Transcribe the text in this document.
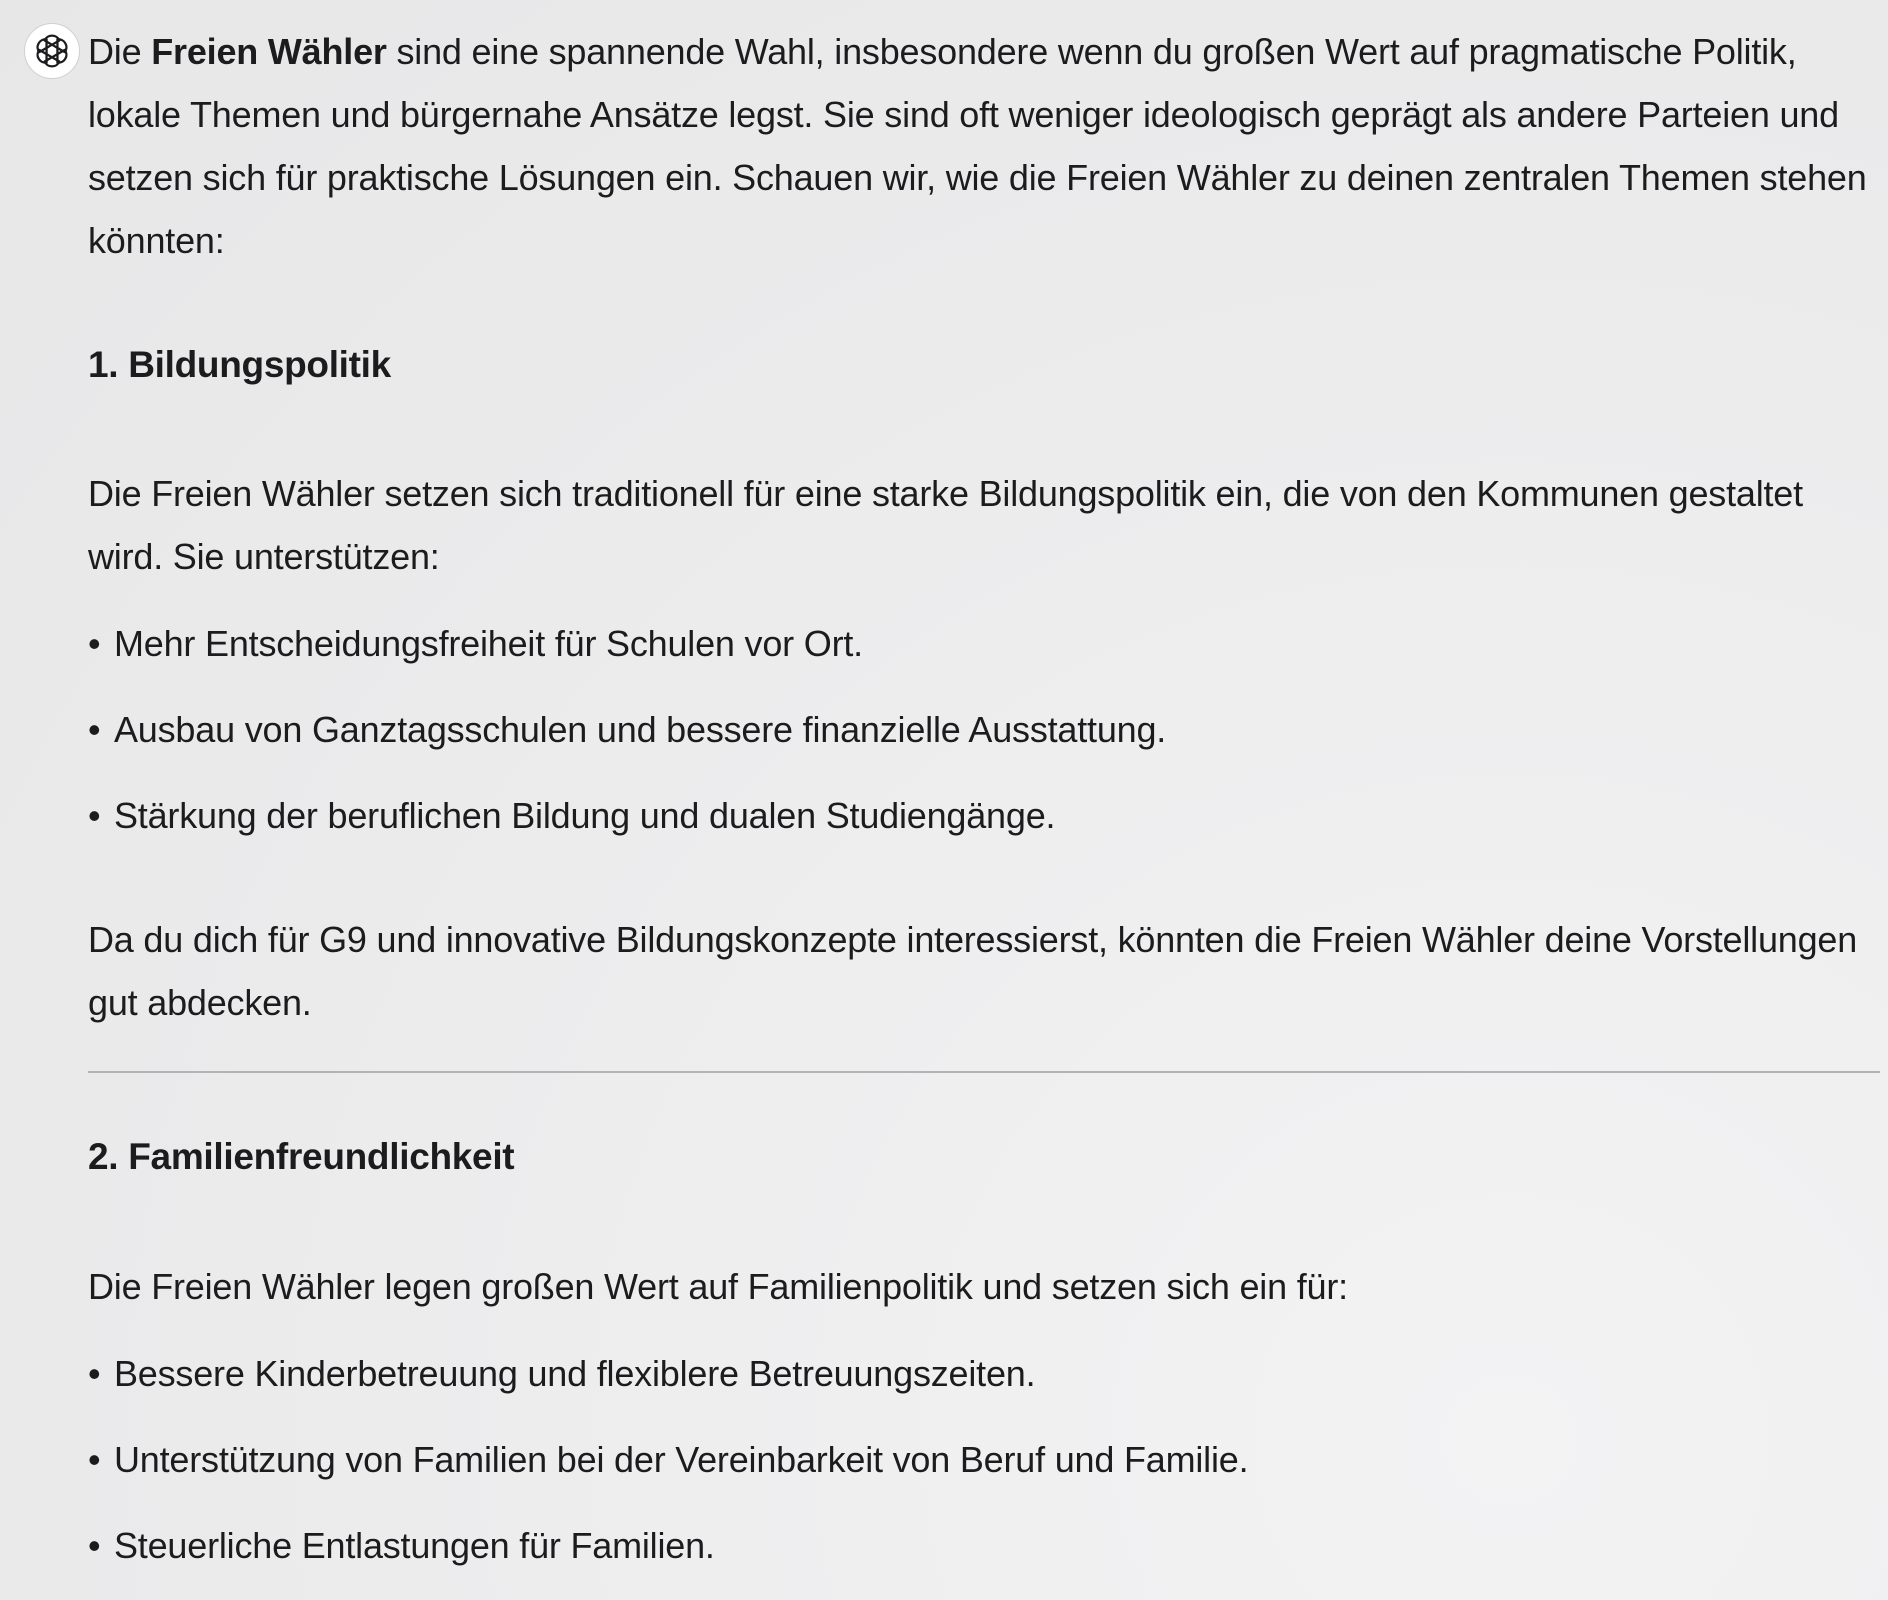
Die Freien Wähler sind eine spannende Wahl, insbesondere wenn du großen Wert auf pragmatische Politik, lokale Themen und bürgernahe Ansätze legst. Sie sind oft weniger ideologisch geprägt als andere Parteien und setzen sich für praktische Lösungen ein. Schauen wir, wie die Freien Wähler zu deinen zentralen Themen stehen könnten:

1. Bildungspolitik

Die Freien Wähler setzen sich traditionell für eine starke Bildungspolitik ein, die von den Kommunen gestaltet wird. Sie unterstützen:

• Mehr Entscheidungsfreiheit für Schulen vor Ort.

• Ausbau von Ganztagsschulen und bessere finanzielle Ausstattung.

• Stärkung der beruflichen Bildung und dualen Studiengänge.

Da du dich für G9 und innovative Bildungskonzepte interessierst, könnten die Freien Wähler deine Vorstellungen gut abdecken.

2. Familienfreundlichkeit

Die Freien Wähler legen großen Wert auf Familienpolitik und setzen sich ein für:

• Bessere Kinderbetreuung und flexiblere Betreuungszeiten.

• Unterstützung von Familien bei der Vereinbarkeit von Beruf und Familie.

• Steuerliche Entlastungen für Familien.
